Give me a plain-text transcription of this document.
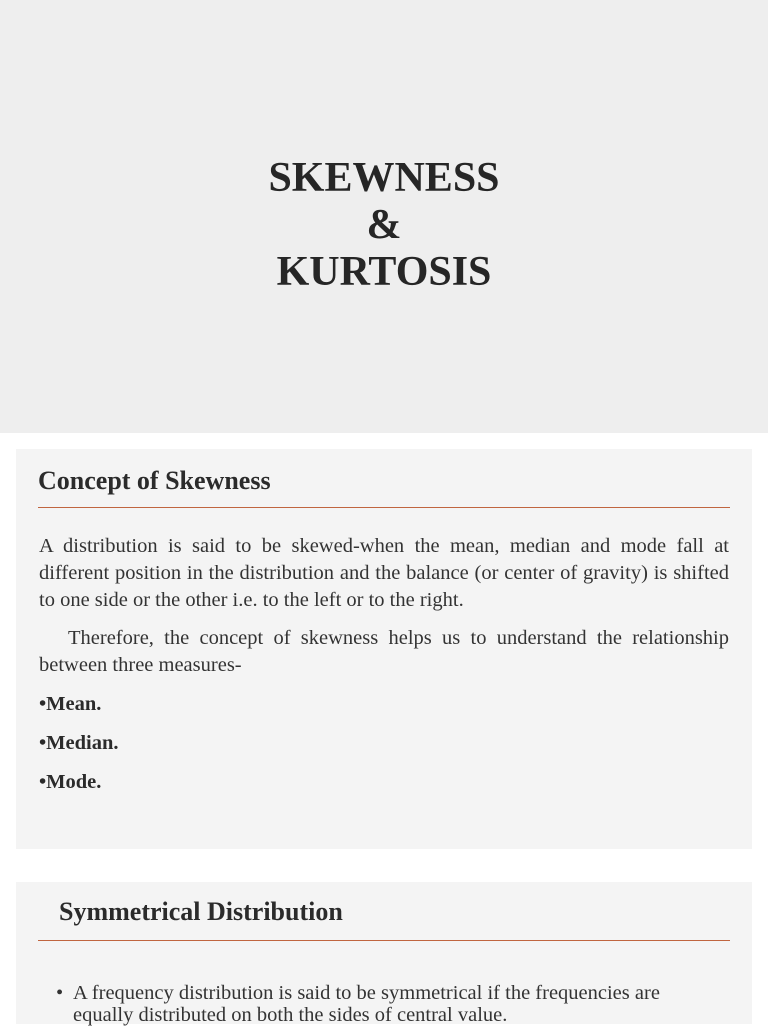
SKEWNESS
&
KURTOSIS
Concept of Skewness
A distribution is said to be skewed-when the mean, median and mode fall at different position in the distribution and the balance (or center of gravity) is shifted to one side or the other i.e. to the left or to the right.
Therefore, the concept of skewness helps us to understand the relationship between three measures-
•Mean.
•Median.
•Mode.
Symmetrical Distribution
• A frequency distribution is said to be symmetrical if the frequencies are equally distributed on both the sides of central value.
